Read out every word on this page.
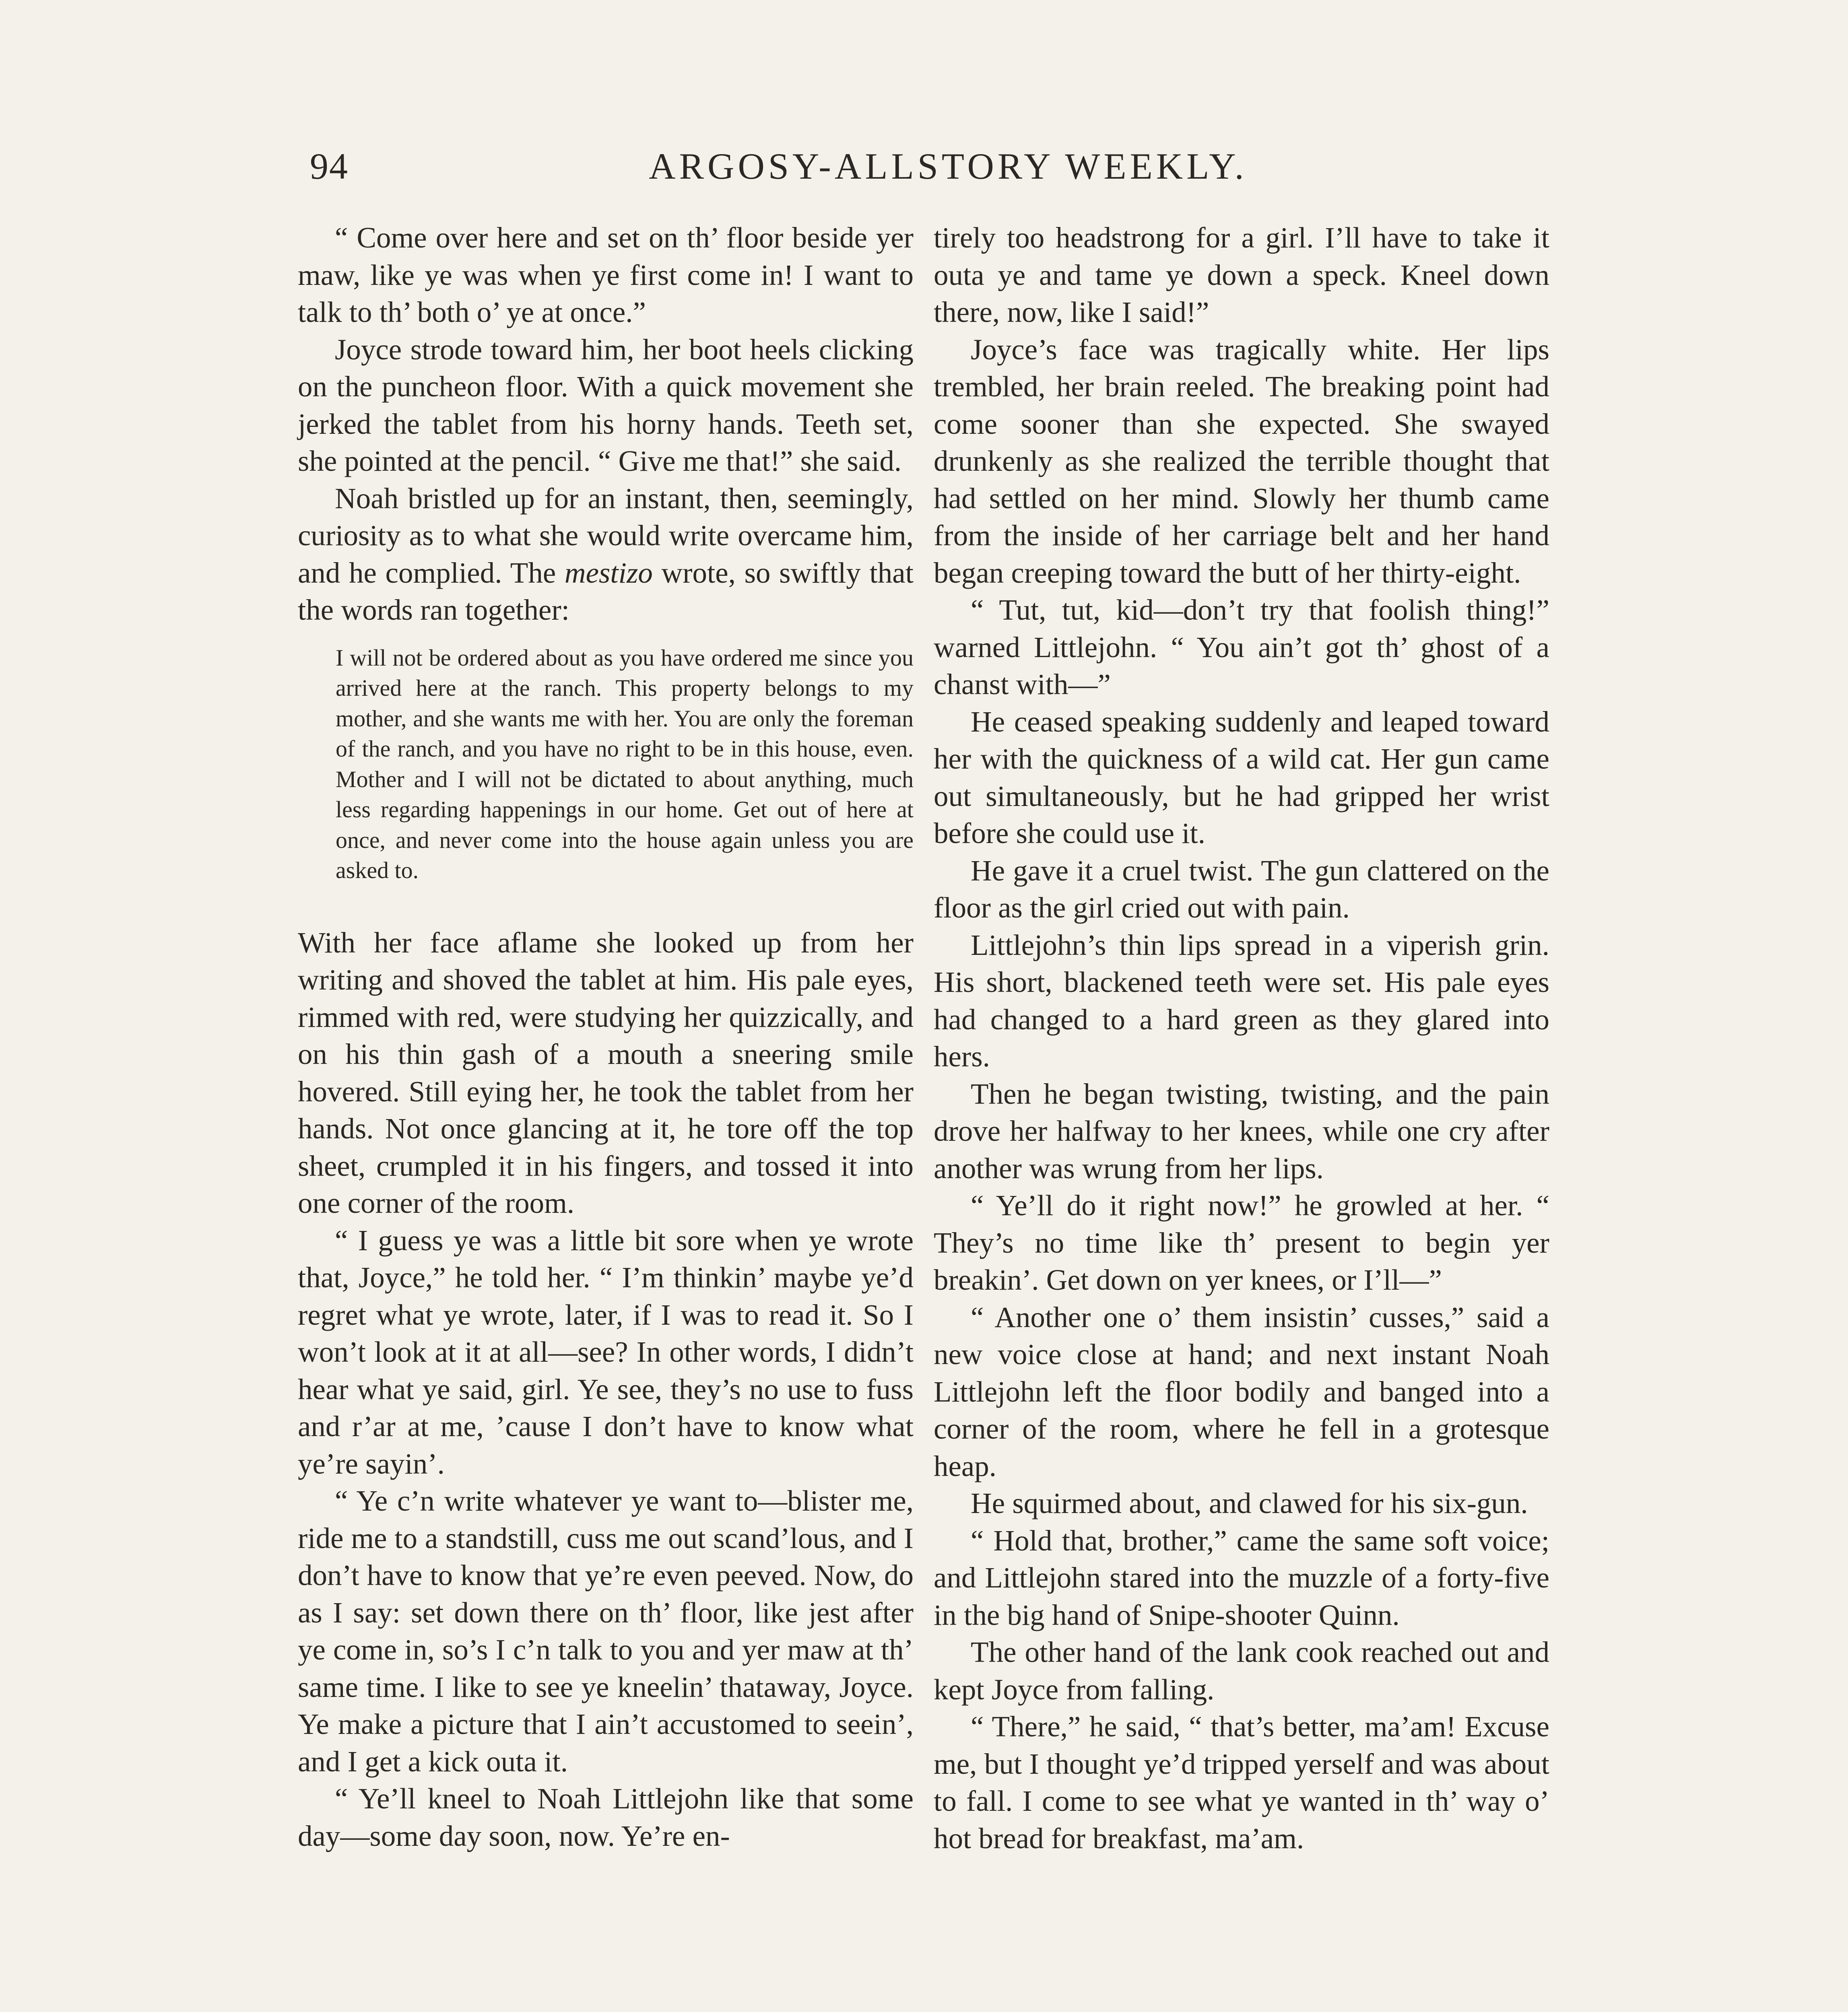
94	ARGOSY-ALLSTORY WEEKLY.

“ Come over here and set on th’ floor beside yer maw, like ye was when ye first come in! I want to talk to th’ both o’ ye at once.”

Joyce strode toward him, her boot heels clicking on the puncheon floor. With a quick movement she jerked the tablet from his horny hands. Teeth set, she pointed at the pencil. “ Give me that!” she said.

Noah bristled up for an instant, then, seemingly, curiosity as to what she would write overcame him, and he complied. The mestizo wrote, so swiftly that the words ran together:

I will not be ordered about as you have ordered me since you arrived here at the ranch. This property belongs to my mother, and she wants me with her. You are only the foreman of the ranch, and you have no right to be in this house, even. Mother and I will not be dictated to about anything, much less regarding happenings in our home. Get out of here at once, and never come into the house again unless you are asked to.

With her face aflame she looked up from her writing and shoved the tablet at him. His pale eyes, rimmed with red, were studying her quizzically, and on his thin gash of a mouth a sneering smile hovered. Still eying her, he took the tablet from her hands. Not once glancing at it, he tore off the top sheet, crumpled it in his fingers, and tossed it into one corner of the room.

“ I guess ye was a little bit sore when ye wrote that, Joyce,” he told her. “ I’m thinkin’ maybe ye’d regret what ye wrote, later, if I was to read it. So I won’t look at it at all—see? In other words, I didn’t hear what ye said, girl. Ye see, they’s no use to fuss and r’ar at me, ’cause I don’t have to know what ye’re sayin’.

“ Ye c’n write whatever ye want to—blister me, ride me to a standstill, cuss me out scand’lous, and I don’t have to know that ye’re even peeved. Now, do as I say: set down there on th’ floor, like jest after ye come in, so’s I c’n talk to you and yer maw at th’ same time. I like to see ye kneelin’ thataway, Joyce. Ye make a picture that I ain’t accustomed to seein’, and I get a kick outa it.

“ Ye’ll kneel to Noah Littlejohn like that some day—some day soon, now. Ye’re en-

tirely too headstrong for a girl. I’ll have to take it outa ye and tame ye down a speck. Kneel down there, now, like I said!”

Joyce’s face was tragically white. Her lips trembled, her brain reeled. The breaking point had come sooner than she expected. She swayed drunkenly as she realized the terrible thought that had settled on her mind. Slowly her thumb came from the inside of her carriage belt and her hand began creeping toward the butt of her thirty-eight.

“ Tut, tut, kid—don’t try that foolish thing!” warned Littlejohn. “ You ain’t got th’ ghost of a chanst with—”

He ceased speaking suddenly and leaped toward her with the quickness of a wild cat. Her gun came out simultaneously, but he had gripped her wrist before she could use it.

He gave it a cruel twist. The gun clattered on the floor as the girl cried out with pain.

Littlejohn’s thin lips spread in a viperish grin. His short, blackened teeth were set. His pale eyes had changed to a hard green as they glared into hers.

Then he began twisting, twisting, and the pain drove her halfway to her knees, while one cry after another was wrung from her lips.

“ Ye’ll do it right now!” he growled at her. “ They’s no time like th’ present to begin yer breakin’. Get down on yer knees, or I’ll—”

“ Another one o’ them insistin’ cusses,” said a new voice close at hand; and next instant Noah Littlejohn left the floor bodily and banged into a corner of the room, where he fell in a grotesque heap.

He squirmed about, and clawed for his six-gun.

“ Hold that, brother,” came the same soft voice; and Littlejohn stared into the muzzle of a forty-five in the big hand of Snipe-shooter Quinn.

The other hand of the lank cook reached out and kept Joyce from falling.

“ There,” he said, “ that’s better, ma’am! Excuse me, but I thought ye’d tripped yerself and was about to fall. I come to see what ye wanted in th’ way o’ hot bread for breakfast, ma’am.
